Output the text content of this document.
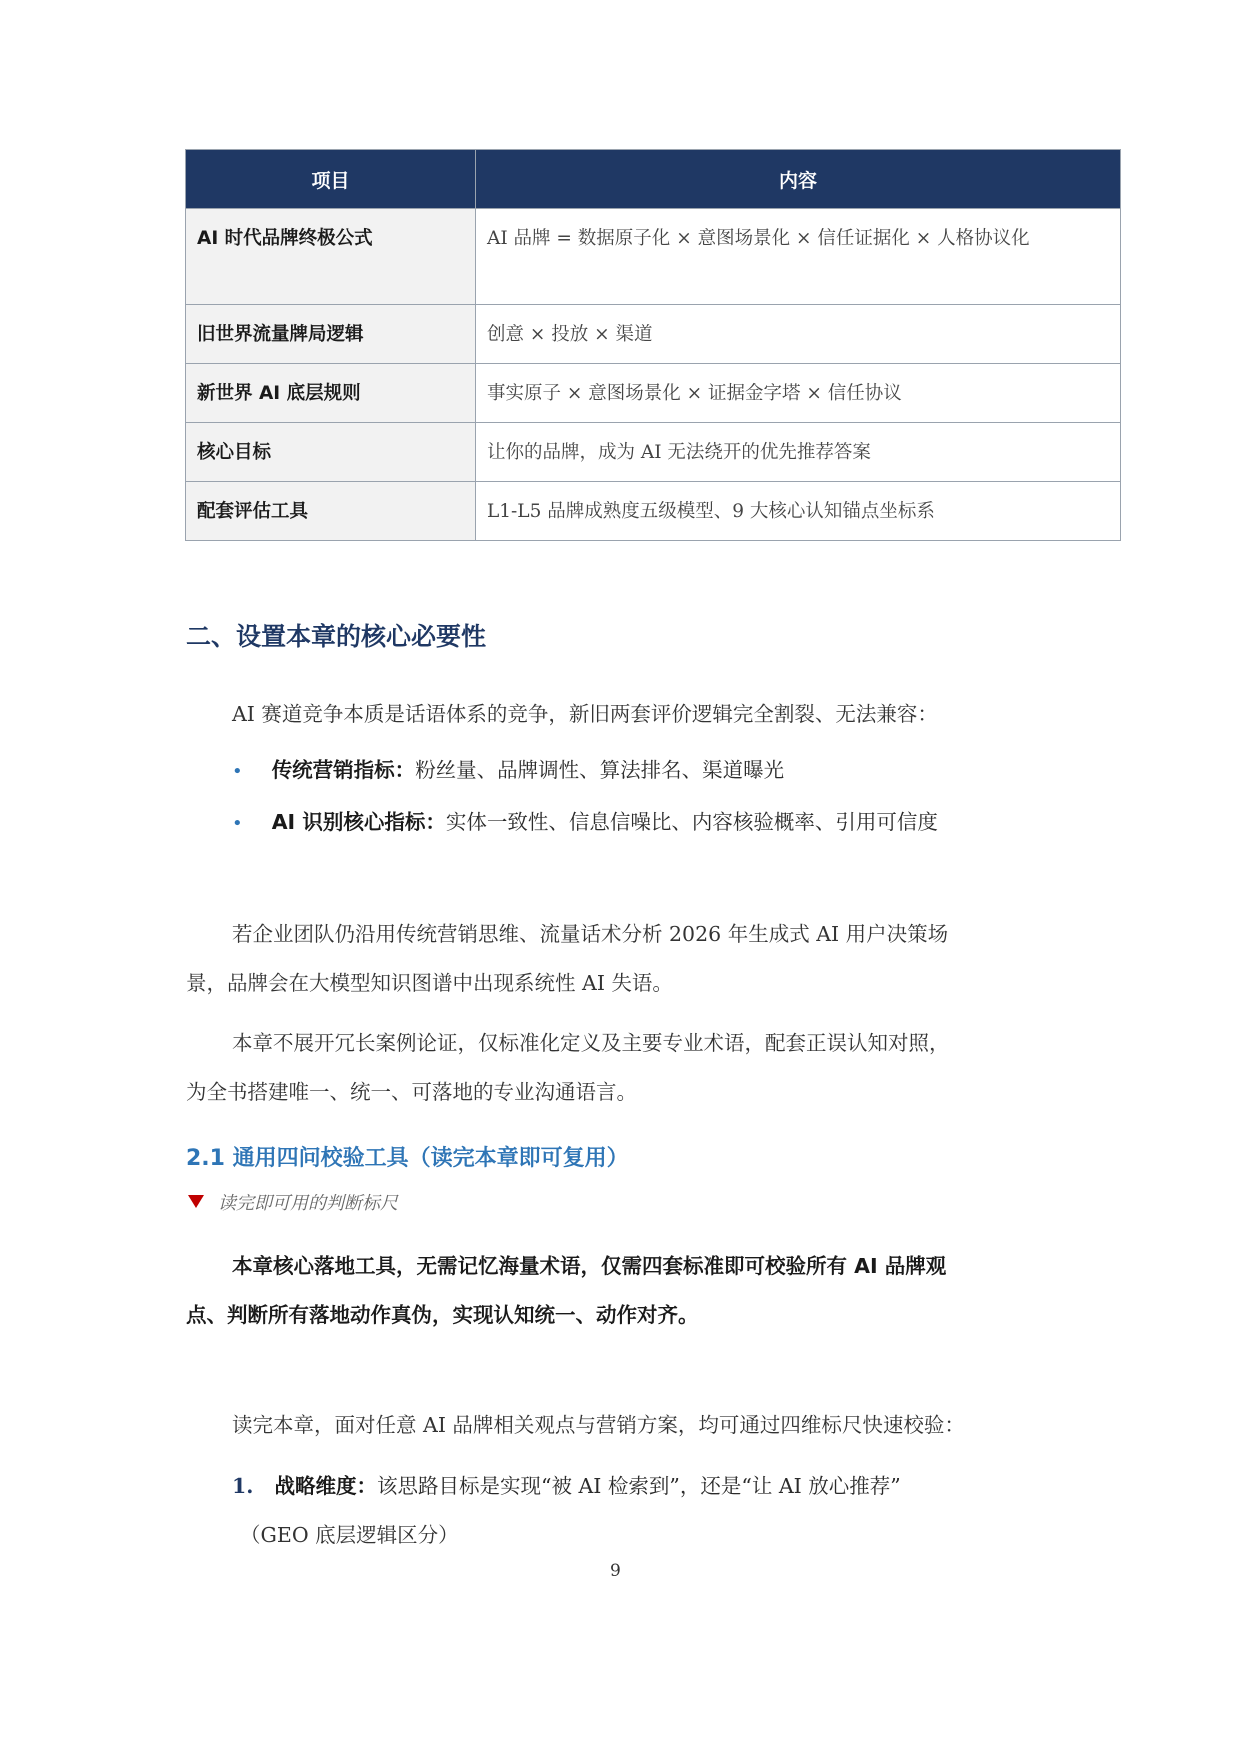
项目	内容
AI 时代品牌终极公式	AI 品牌 = 数据原子化 × 意图场景化 × 信任证据化 × 人格协议化
旧世界流量牌局逻辑	创意 × 投放 × 渠道
新世界 AI 底层规则	事实原子 × 意图场景化 × 证据金字塔 × 信任协议
核心目标	让你的品牌，成为 AI 无法绕开的优先推荐答案
配套评估工具	L1-L5 品牌成熟度五级模型、9 大核心认知锚点坐标系
二、设置本章的核心必要性
AI 赛道竞争本质是话语体系的竞争，新旧两套评价逻辑完全割裂、无法兼容：
• 传统营销指标：粉丝量、品牌调性、算法排名、渠道曝光
• AI 识别核心指标：实体一致性、信息信噪比、内容核验概率、引用可信度
若企业团队仍沿用传统营销思维、流量话术分析 2026 年生成式 AI 用户决策场
景，品牌会在大模型知识图谱中出现系统性 AI 失语。
本章不展开冗长案例论证，仅标准化定义及主要专业术语，配套正误认知对照，
为全书搭建唯一、统一、可落地的专业沟通语言。
2.1 通用四问校验工具（读完本章即可复用）
读完即可用的判断标尺
本章核心落地工具，无需记忆海量术语，仅需四套标准即可校验所有 AI 品牌观
点、判断所有落地动作真伪，实现认知统一、动作对齐。
读完本章，面对任意 AI 品牌相关观点与营销方案，均可通过四维标尺快速校验：
1. 战略维度：该思路目标是实现“被 AI 检索到”，还是“让 AI 放心推荐”
（GEO 底层逻辑区分）
9
